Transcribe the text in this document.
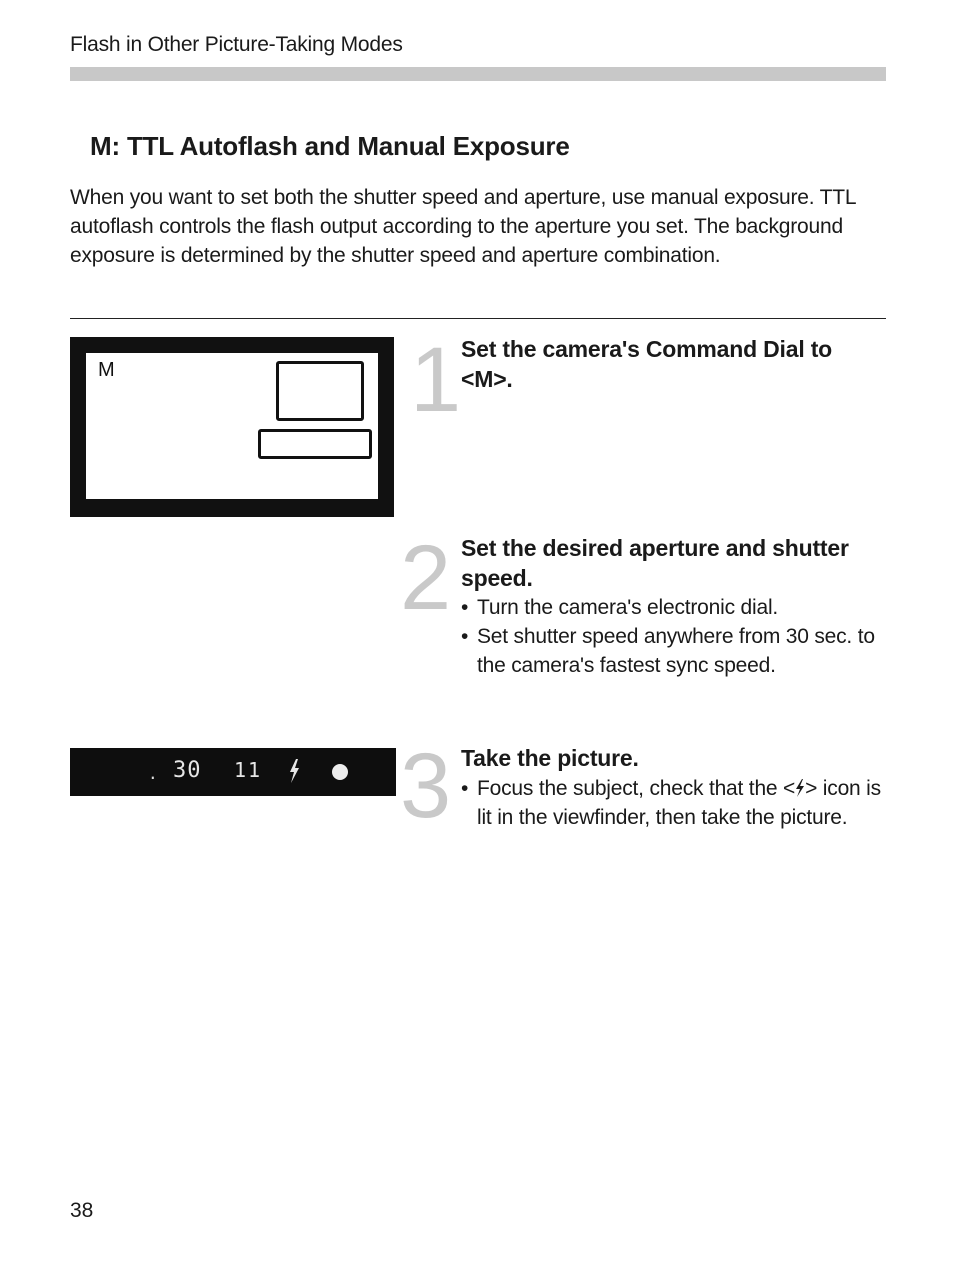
Flash in Other Picture-Taking Modes
M: TTL Autoflash and Manual Exposure

When you want to set both the shutter speed and aperture, use manual exposure. TTL autoflash controls the flash output according to the aperture you set. The background exposure is determined by the shutter speed and aperture combination.

M	1 Set the camera's Command Dial to <M>.
2 Set the desired aperture and shutter speed.
• Turn the camera's electronic dial.
• Set shutter speed anywhere from 30 sec. to the camera's fastest sync speed.
. 30 11 3 Take the picture.
• Focus the subject, check that the < > icon is lit in the viewfinder, then take the picture.
38
